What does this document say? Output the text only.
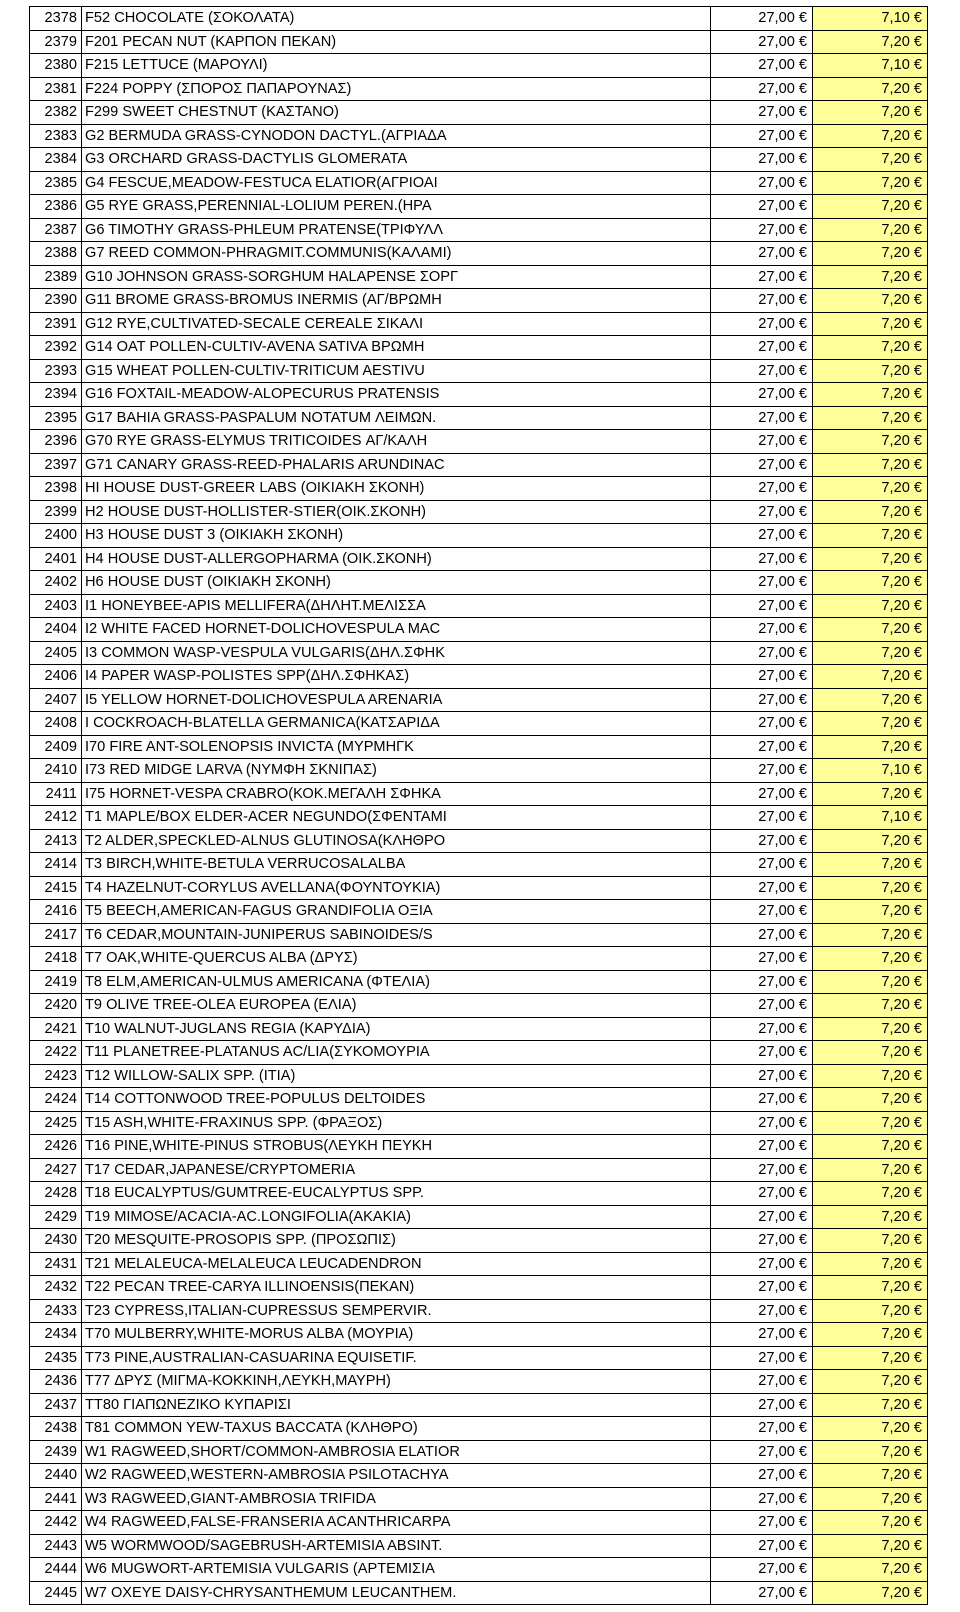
2378	F52 CHOCOLATE (ΣΟΚΟΛΑΤΑ)	27,00 €	7,10 €
2379	F201 PECAN NUT (ΚΑΡΠΟΝ ΠΕΚΑΝ)	27,00 €	7,20 €
2380	F215 LETTUCE (ΜΑΡΟΥΛΙ)	27,00 €	7,10 €
2381	F224 POPPY (ΣΠΟΡΟΣ ΠΑΠΑΡΟΥΝΑΣ)	27,00 €	7,20 €
2382	F299 SWEET CHESTNUT (ΚΑΣΤΑΝΟ)	27,00 €	7,20 €
2383	G2 BERMUDA GRASS-CYNODON DACTYL.(ΑΓΡΙΑΔΑ	27,00 €	7,20 €
2384	G3 ORCHARD GRASS-DACTYLIS GLOMERATA	27,00 €	7,20 €
2385	G4 FESCUE,MEADOW-FESTUCA ELATIOR(ΑΓΡΙΟΑΙ	27,00 €	7,20 €
2386	G5 RYE GRASS,PERENNIAL-LOLIUM PEREN.(ΗΡΑ	27,00 €	7,20 €
2387	G6 TIMOTHY GRASS-PHLEUM PRATENSE(ΤΡΙΦΥΛΛ	27,00 €	7,20 €
2388	G7 REED COMMON-PHRAGMIT.COMMUNIS(ΚΑΛΑΜΙ)	27,00 €	7,20 €
2389	G10 JOHNSON GRASS-SORGHUM HALAPENSE ΣΟΡΓ	27,00 €	7,20 €
2390	G11 BROME GRASS-BROMUS INERMIS (ΑΓ/ΒΡΩΜΗ	27,00 €	7,20 €
2391	G12 RYE,CULTIVATED-SECALE CEREALE ΣΙΚΑΛΙ	27,00 €	7,20 €
2392	G14 OAT POLLEN-CULTIV-AVENA SATIVA ΒΡΩΜΗ	27,00 €	7,20 €
2393	G15 WHEAT POLLEN-CULTIV-TRITICUM AESTIVU	27,00 €	7,20 €
2394	G16 FOXTAIL-MEADOW-ALOPECURUS PRATENSIS	27,00 €	7,20 €
2395	G17 BAHIA GRASS-PASPALUM NOTATUM ΛΕΙΜΩΝ.	27,00 €	7,20 €
2396	G70 RYE GRASS-ELYMUS TRITICOIDES ΑΓ/ΚΑΛΗ	27,00 €	7,20 €
2397	G71 CANARY GRASS-REED-PHALARIS ARUNDINAC	27,00 €	7,20 €
2398	HI HOUSE DUST-GREER LABS (ΟΙΚΙΑΚΗ ΣΚΟΝΗ)	27,00 €	7,20 €
2399	H2 HOUSE DUST-HOLLISTER-STIER(ΟΙΚ.ΣΚΟΝΗ)	27,00 €	7,20 €
2400	H3 HOUSE DUST 3 (ΟΙΚΙΑΚΗ ΣΚΟΝΗ)	27,00 €	7,20 €
2401	H4 HOUSE DUST-ALLERGOPHARMA (ΟΙΚ.ΣΚΟΝΗ)	27,00 €	7,20 €
2402	H6 HOUSE DUST (ΟΙΚΙΑΚΗ ΣΚΟΝΗ)	27,00 €	7,20 €
2403	I1 HONEYBEE-APIS MELLIFERA(ΔΗΛΗΤ.ΜΕΛΙΣΣΑ	27,00 €	7,20 €
2404	I2 WHITE FACED HORNET-DOLICHOVESPULA MAC	27,00 €	7,20 €
2405	I3 COMMON WASP-VESPULA VULGARIS(ΔΗΛ.ΣΦΗΚ	27,00 €	7,20 €
2406	I4 PAPER WASP-POLISTES SPP(ΔΗΛ.ΣΦΗΚΑΣ)	27,00 €	7,20 €
2407	I5 YELLOW HORNET-DOLICHOVESPULA ARENARIA	27,00 €	7,20 €
2408	I COCKROACH-BLATELLA GERMANICA(ΚΑΤΣΑΡΙΔΑ	27,00 €	7,20 €
2409	I70 FIRE ANT-SOLENOPSIS INVICTA (ΜΥΡΜΗΓΚ	27,00 €	7,20 €
2410	I73 RED MIDGE LARVA (ΝΥΜΦΗ ΣΚΝΙΠΑΣ)	27,00 €	7,10 €
2411	I75 HORNET-VESPA CRABRO(ΚΟΚ.ΜΕΓΑΛΗ ΣΦΗΚΑ	27,00 €	7,20 €
2412	T1 MAPLE/BOX ELDER-ACER NEGUNDO(ΣΦΕΝΤΑΜΙ	27,00 €	7,10 €
2413	T2 ALDER,SPECKLED-ALNUS GLUTINOSA(ΚΛΗΘΡΟ	27,00 €	7,20 €
2414	T3 BIRCH,WHITE-BETULA VERRUCOSALALBA	27,00 €	7,20 €
2415	T4 HAZELNUT-CORYLUS AVELLANA(ΦΟΥΝΤΟΥΚΙΑ)	27,00 €	7,20 €
2416	T5 BEECH,AMERICAN-FAGUS GRANDIFOLIA ΟΞΙΑ	27,00 €	7,20 €
2417	T6 CEDAR,MOUNTAIN-JUNIPERUS SABINOIDES/S	27,00 €	7,20 €
2418	T7 OAK,WHITE-QUERCUS ALBA (ΔΡΥΣ)	27,00 €	7,20 €
2419	T8 ELM,AMERICAN-ULMUS AMERICANA (ΦΤΕΛΙΑ)	27,00 €	7,20 €
2420	T9 OLIVE TREE-OLEA EUROPEA (ΕΛΙΑ)	27,00 €	7,20 €
2421	T10 WALNUT-JUGLANS REGIA (ΚΑΡΥΔΙΑ)	27,00 €	7,20 €
2422	T11 PLANETREE-PLATANUS AC/LIA(ΣΥΚΟΜΟΥΡΙΑ	27,00 €	7,20 €
2423	T12 WILLOW-SALIX SPP. (ΙΤΙΑ)	27,00 €	7,20 €
2424	T14 COTTONWOOD TREE-POPULUS DELTOIDES	27,00 €	7,20 €
2425	T15 ASH,WHITE-FRAXINUS SPP. (ΦΡΑΞΟΣ)	27,00 €	7,20 €
2426	T16 PINE,WHITE-PINUS STROBUS(ΛΕΥΚΗ ΠΕΥΚΗ	27,00 €	7,20 €
2427	T17 CEDAR,JAPANESE/CRYPTOMERIA	27,00 €	7,20 €
2428	T18 EUCALYPTUS/GUMTREE-EUCALYPTUS SPP.	27,00 €	7,20 €
2429	T19 MIMOSE/ACACIA-AC.LONGIFOLIA(ΑΚΑΚΙΑ)	27,00 €	7,20 €
2430	T20 MESQUITE-PROSOPIS SPP. (ΠΡΟΣΩΠΙΣ)	27,00 €	7,20 €
2431	T21 MELALEUCA-MELALEUCA LEUCADENDRON	27,00 €	7,20 €
2432	T22 PECAN TREE-CARYA ILLINOENSIS(ΠΕΚΑΝ)	27,00 €	7,20 €
2433	T23 CYPRESS,ITALIAN-CUPRESSUS SEMPERVIR.	27,00 €	7,20 €
2434	T70 MULBERRY,WHITE-MORUS ALBA (ΜΟΥΡΙΑ)	27,00 €	7,20 €
2435	T73 PINE,AUSTRALIAN-CASUARINA EQUISETIF.	27,00 €	7,20 €
2436	T77 ΔΡΥΣ (ΜΙΓΜΑ-ΚΟΚΚΙΝΗ,ΛΕΥΚΗ,ΜΑΥΡΗ)	27,00 €	7,20 €
2437	TT80 ΓΙΑΠΩΝΕΖΙΚΟ ΚΥΠΑΡΙΣΙ	27,00 €	7,20 €
2438	T81 COMMON YEW-TAXUS BACCATA (ΚΛΗΘΡΟ)	27,00 €	7,20 €
2439	W1 RAGWEED,SHORT/COMMON-AMBROSIA ELATIOR	27,00 €	7,20 €
2440	W2 RAGWEED,WESTERN-AMBROSIA PSILOTACHYA	27,00 €	7,20 €
2441	W3 RAGWEED,GIANT-AMBROSIA TRIFIDA	27,00 €	7,20 €
2442	W4 RAGWEED,FALSE-FRANSERIA ACANTHRICARPA	27,00 €	7,20 €
2443	W5 WORMWOOD/SAGEBRUSH-ARTEMISIA ABSINT.	27,00 €	7,20 €
2444	W6 MUGWORT-ARTEMISIA VULGARIS (ΑΡΤΕΜΙΣΙΑ	27,00 €	7,20 €
2445	W7 OXEYE DAISY-CHRYSANTHEMUM LEUCANTHEM.	27,00 €	7,20 €
